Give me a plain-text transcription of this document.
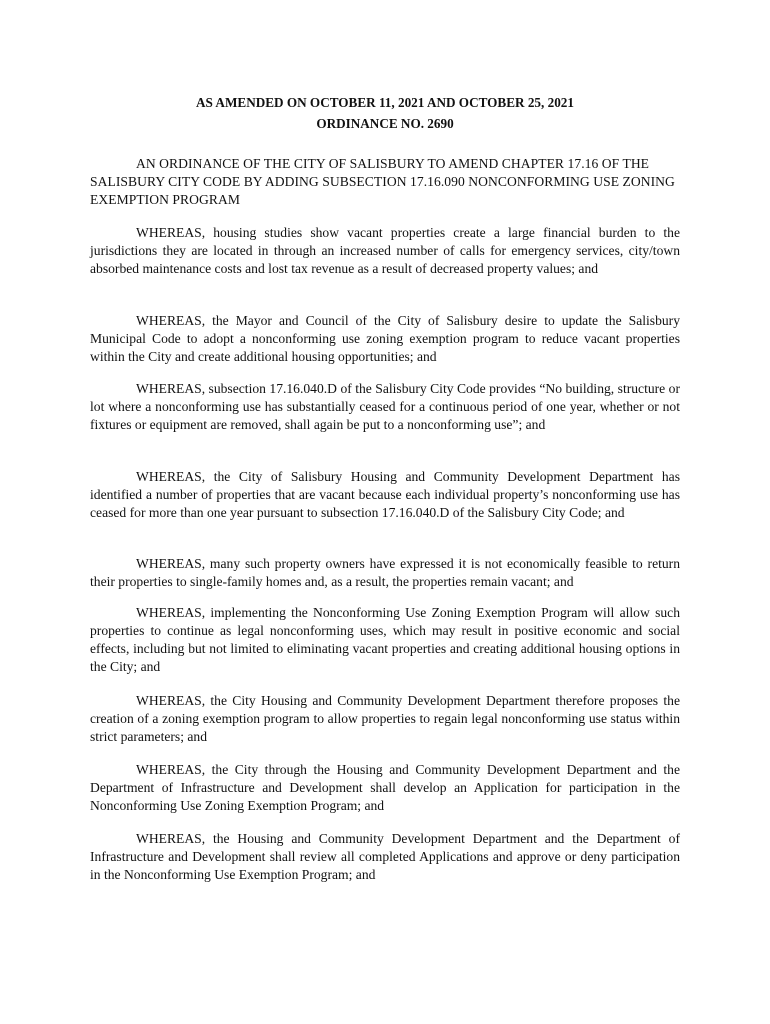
AS AMENDED ON OCTOBER 11, 2021 AND OCTOBER 25, 2021
ORDINANCE NO. 2690
AN ORDINANCE OF THE CITY OF SALISBURY TO AMEND CHAPTER 17.16 OF THE SALISBURY CITY CODE BY ADDING SUBSECTION 17.16.090 NONCONFORMING USE ZONING EXEMPTION PROGRAM
WHEREAS, housing studies show vacant properties create a large financial burden to the jurisdictions they are located in through an increased number of calls for emergency services, city/town absorbed maintenance costs and lost tax revenue as a result of decreased property values; and
WHEREAS, the Mayor and Council of the City of Salisbury desire to update the Salisbury Municipal Code to adopt a nonconforming use zoning exemption program to reduce vacant properties within the City and create additional housing opportunities; and
WHEREAS, subsection 17.16.040.D of the Salisbury City Code provides “No building, structure or lot where a nonconforming use has substantially ceased for a continuous period of one year, whether or not fixtures or equipment are removed, shall again be put to a nonconforming use”; and
WHEREAS, the City of Salisbury Housing and Community Development Department has identified a number of properties that are vacant because each individual property’s nonconforming use has ceased for more than one year pursuant to subsection 17.16.040.D of the Salisbury City Code; and
WHEREAS, many such property owners have expressed it is not economically feasible to return their properties to single-family homes and, as a result, the properties remain vacant; and
WHEREAS, implementing the Nonconforming Use Zoning Exemption Program will allow such properties to continue as legal nonconforming uses, which may result in positive economic and social effects, including but not limited to eliminating vacant properties and creating additional housing options in the City; and
WHEREAS, the City Housing and Community Development Department therefore proposes the creation of a zoning exemption program to allow properties to regain legal nonconforming use status within strict parameters; and
WHEREAS, the City through the Housing and Community Development Department and the Department of Infrastructure and Development shall develop an Application for participation in the Nonconforming Use Zoning Exemption Program; and
WHEREAS, the Housing and Community Development Department and the Department of Infrastructure and Development shall review all completed Applications and approve or deny participation in the Nonconforming Use Exemption Program; and
